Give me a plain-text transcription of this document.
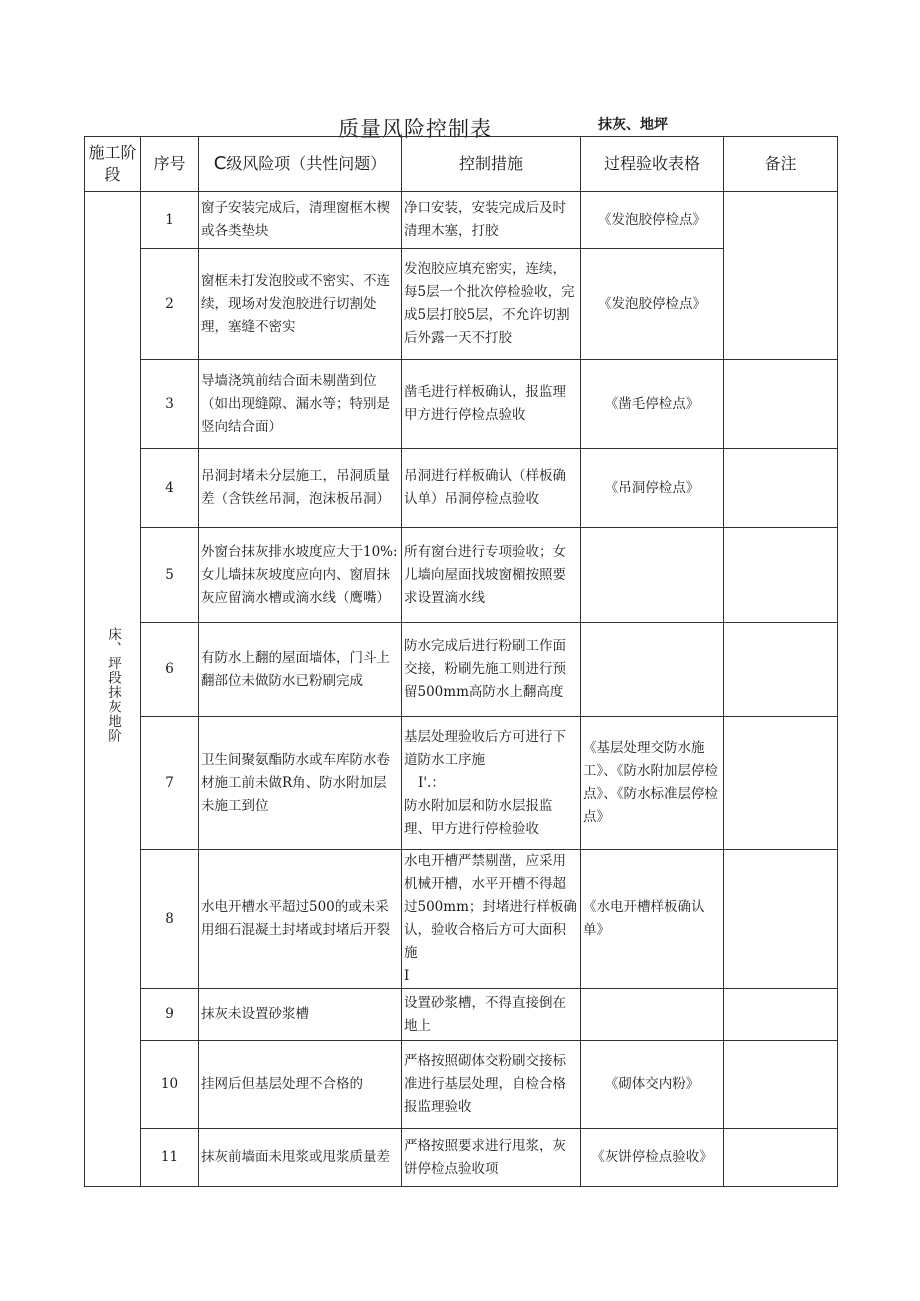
质量风险控制表	抹灰、地坪
施工阶段	序号	C级风险项（共性问题）	控制措施	过程验收表格	备注
床、坪段抹灰地阶	1	窗子安装完成后，清理窗框木楔或各类垫块	净口安装，安装完成后及时清理木塞，打胶	《发泡胶停检点》	
	2	窗框未打发泡胶或不密实、不连续，现场对发泡胶进行切割处理，塞缝不密实	发泡胶应填充密实，连续，每5层一个批次停检验收，完成5层打胶5层，不允许切割后外露一天不打胶	《发泡胶停检点》	
	3	导墙浇筑前结合面未剔凿到位（如出现缝隙、漏水等；特别是竖向结合面）	凿毛进行样板确认，报监理甲方进行停检点验收	《凿毛停检点》	
	4	吊洞封堵未分层施工，吊洞质量差（含铁丝吊洞，泡沫板吊洞）	吊洞进行样板确认（样板确认单）吊洞停检点验收	《吊洞停检点》	
	5	外窗台抹灰排水坡度应大于10%:女儿墙抹灰坡度应向内、窗眉抹灰应留滴水槽或滴水线（鹰嘴）	所有窗台进行专项验收；女儿墙向屋面找坡窗楣按照要求设置滴水线		
	6	有防水上翻的屋面墙体，门斗上翻部位未做防水已粉刷完成	防水完成后进行粉刷工作面交接，粉刷先施工则进行预留500mm高防水上翻高度		
	7	卫生间聚氨酯防水或车库防水卷材施工前未做R角、防水附加层未施工到位	基层处理验收后方可进行下道防水工序施
I'.：
防水附加层和防水层报监理、甲方进行停检验收	《基层处理交防水施工》、《防水附加层停检点》、《防水标准层停检点》	
	8	水电开槽水平超过500的或未采用细石混凝土封堵或封堵后开裂	水电开槽严禁剔凿，应采用机械开槽，水平开槽不得超过500mm；封堵进行样板确认，验收合格后方可大面积施
I	《水电开槽样板确认单》	
	9	抹灰未设置砂浆槽	设置砂浆槽，不得直接倒在地上		
	10	挂网后但基层处理不合格的	严格按照砌体交粉刷交接标准进行基层处理，自检合格报监理验收	《砌体交内粉》	
	11	抹灰前墙面未甩浆或甩浆质量差	严格按照要求进行甩浆，灰饼停检点验收项	《灰饼停检点验收》	
